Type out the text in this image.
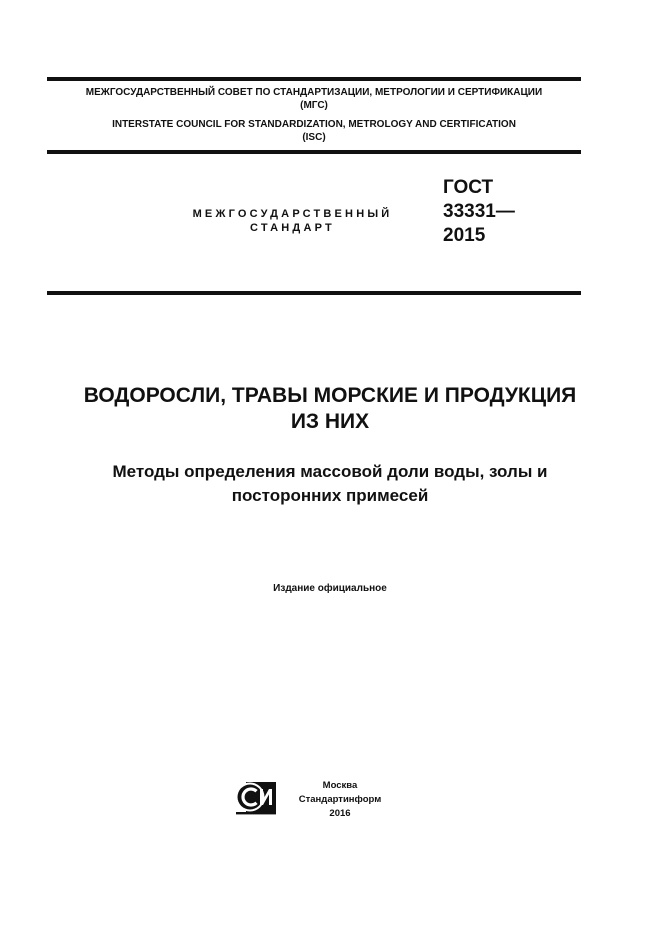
МЕЖГОСУДАРСТВЕННЫЙ СОВЕТ ПО СТАНДАРТИЗАЦИИ, МЕТРОЛОГИИ И СЕРТИФИКАЦИИ
(МГС)
INTERSTATE COUNCIL FOR STANDARDIZATION, METROLOGY AND CERTIFICATION
(ISC)
МЕЖГОСУДАРСТВЕННЫЙ
СТАНДАРТ
ГОСТ
33331—
2015
ВОДОРОСЛИ, ТРАВЫ МОРСКИЕ И ПРОДУКЦИЯ
ИЗ НИХ
Методы определения массовой доли воды, золы и
посторонних примесей
Издание официальное
Москва
Стандартинформ
2016
